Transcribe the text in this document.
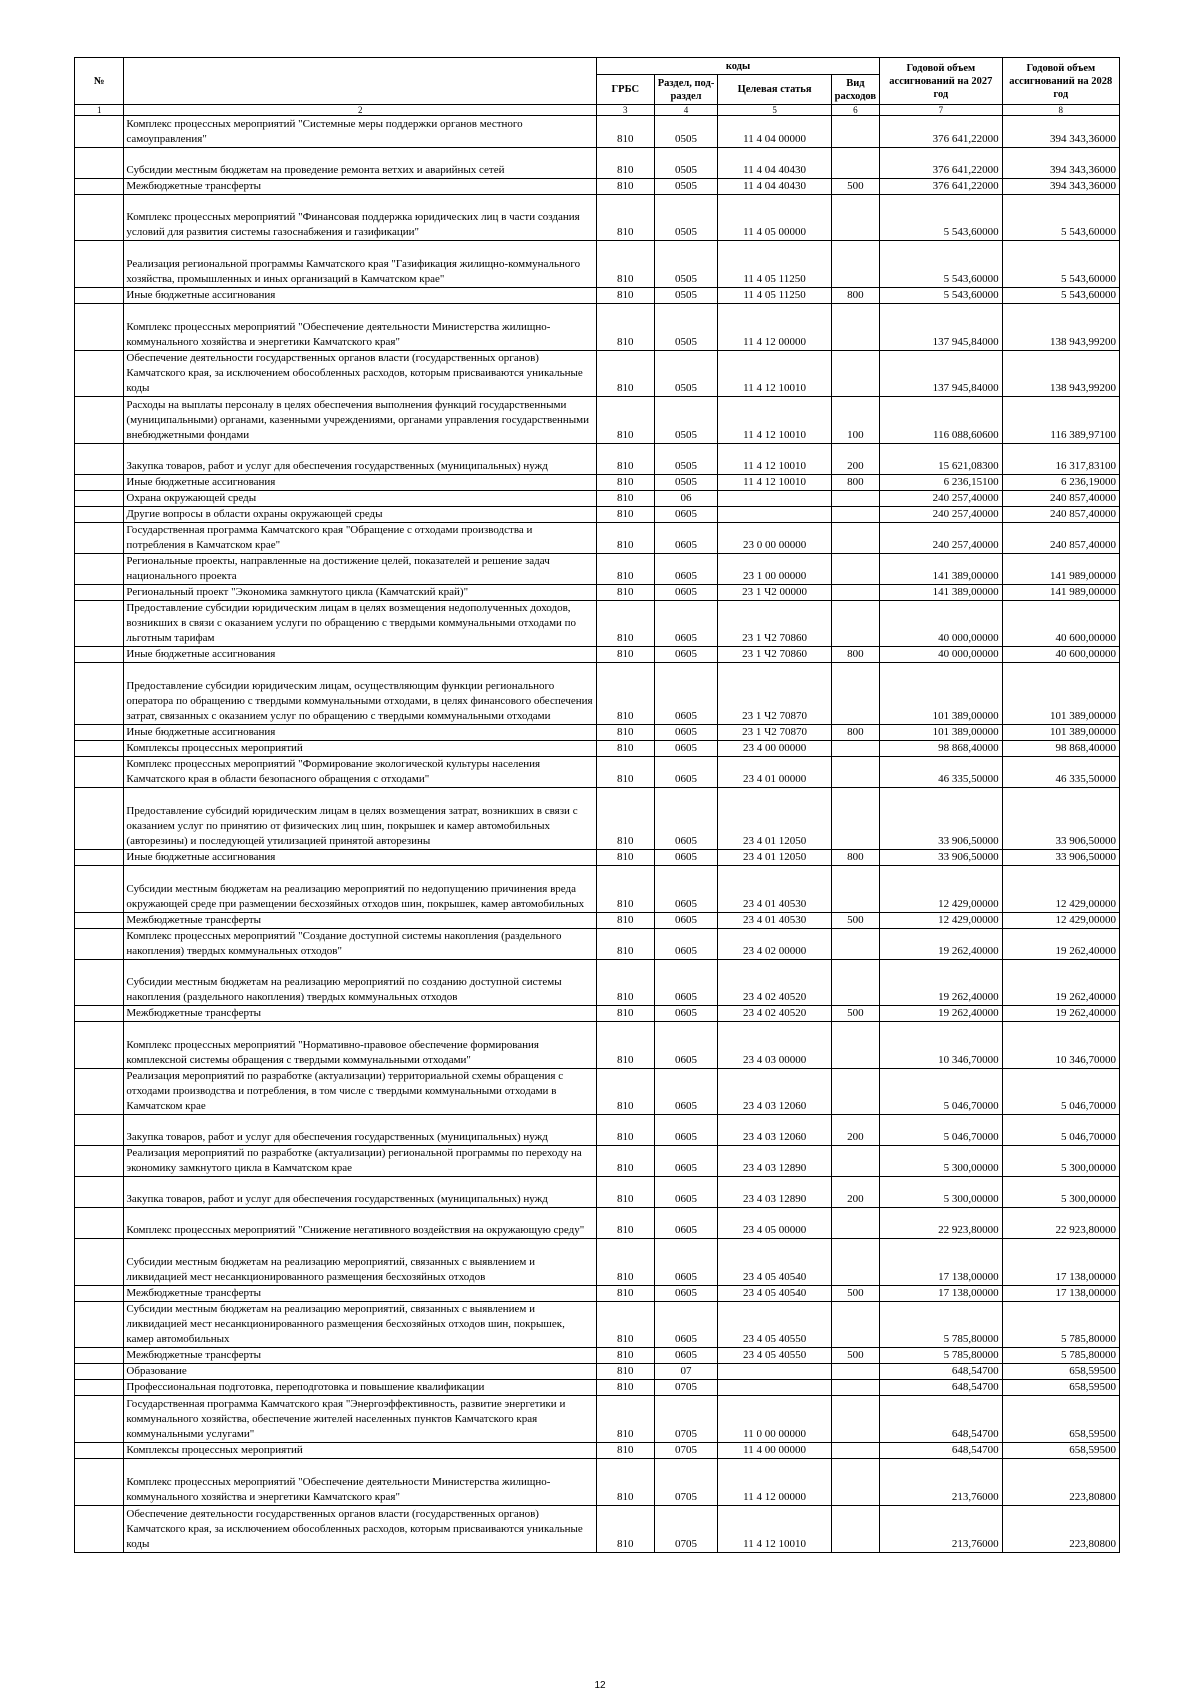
№		коды				Годовой объем ассигнований на 2027 год	Годовой объем ассигнований на 2028 год
		ГРБС	Раздел, под-раздел	Целевая статья	Вид расходов		
1	2	3	4	5	6	7	8
	Комплекс процессных мероприятий "Системные меры поддержки органов местного самоуправления"	810	0505	11 4 04 00000		376 641,22000	394 343,36000
	Субсидии местным бюджетам на проведение ремонта ветхих и аварийных сетей	810	0505	11 4 04 40430		376 641,22000	394 343,36000
	Межбюджетные трансферты	810	0505	11 4 04 40430	500	376 641,22000	394 343,36000
	Комплекс процессных мероприятий "Финансовая поддержка юридических лиц в части создания условий для развития системы газоснабжения и газификации"	810	0505	11 4 05 00000		5 543,60000	5 543,60000
	Реализация региональной программы Камчатского края "Газификация жилищно-коммунального хозяйства, промышленных и иных организаций в Камчатском крае"	810	0505	11 4 05 11250		5 543,60000	5 543,60000
	Иные бюджетные ассигнования	810	0505	11 4 05 11250	800	5 543,60000	5 543,60000
	Комплекс процессных мероприятий "Обеспечение деятельности Министерства жилищно-коммунального хозяйства и энергетики Камчатского края"	810	0505	11 4 12 00000		137 945,84000	138 943,99200
	Обеспечение деятельности государственных органов власти (государственных органов) Камчатского края, за исключением обособленных расходов, которым присваиваются уникальные коды	810	0505	11 4 12 10010		137 945,84000	138 943,99200
	Расходы на выплаты персоналу в целях обеспечения выполнения функций государственными (муниципальными) органами, казенными учреждениями, органами управления государственными внебюджетными фондами	810	0505	11 4 12 10010	100	116 088,60600	116 389,97100
	Закупка товаров, работ и услуг для обеспечения государственных (муниципальных) нужд	810	0505	11 4 12 10010	200	15 621,08300	16 317,83100
	Иные бюджетные ассигнования	810	0505	11 4 12 10010	800	6 236,15100	6 236,19000
	Охрана окружающей среды	810	06			240 257,40000	240 857,40000
	Другие вопросы в области охраны окружающей среды	810	0605			240 257,40000	240 857,40000
	Государственная программа Камчатского края "Обращение с отходами производства и потребления в Камчатском крае"	810	0605	23 0 00 00000		240 257,40000	240 857,40000
	Региональные проекты, направленные на достижение целей, показателей и решение задач национального проекта	810	0605	23 1 00 00000		141 389,00000	141 989,00000
	Региональный проект "Экономика замкнутого цикла (Камчатский край)"	810	0605	23 1 Ч2 00000		141 389,00000	141 989,00000
	Предоставление субсидии юридическим лицам в целях возмещения недополученных доходов, возникших в связи с оказанием услуги по обращению с твердыми коммунальными отходами по льготным тарифам	810	0605	23 1 Ч2 70860		40 000,00000	40 600,00000
	Иные бюджетные ассигнования	810	0605	23 1 Ч2 70860	800	40 000,00000	40 600,00000
	Предоставление субсидии юридическим лицам, осуществляющим функции регионального оператора по обращению с твердыми коммунальными отходами, в целях финансового обеспечения затрат, связанных с оказанием услуг по обращению с твердыми коммунальными отходами	810	0605	23 1 Ч2 70870		101 389,00000	101 389,00000
	Иные бюджетные ассигнования	810	0605	23 1 Ч2 70870	800	101 389,00000	101 389,00000
	Комплексы процессных мероприятий	810	0605	23 4 00 00000		98 868,40000	98 868,40000
	Комплекс процессных мероприятий "Формирование экологической культуры населения Камчатского края в области безопасного обращения с отходами"	810	0605	23 4 01 00000		46 335,50000	46 335,50000
	Предоставление субсидий юридическим лицам в целях возмещения затрат, возникших в связи с оказанием услуг по принятию от физических лиц шин, покрышек и камер автомобильных (авторезины) и последующей утилизацией принятой авторезины	810	0605	23 4 01 12050		33 906,50000	33 906,50000
	Иные бюджетные ассигнования	810	0605	23 4 01 12050	800	33 906,50000	33 906,50000
	Субсидии местным бюджетам на реализацию мероприятий по недопущению причинения вреда окружающей среде при размещении бесхозяйных отходов шин, покрышек, камер автомобильных	810	0605	23 4 01 40530		12 429,00000	12 429,00000
	Межбюджетные трансферты	810	0605	23 4 01 40530	500	12 429,00000	12 429,00000
	Комплекс процессных мероприятий "Создание доступной системы накопления (раздельного накопления) твердых коммунальных отходов"	810	0605	23 4 02 00000		19 262,40000	19 262,40000
	Субсидии местным бюджетам на реализацию мероприятий по созданию доступной системы накопления (раздельного накопления) твердых коммунальных отходов	810	0605	23 4 02 40520		19 262,40000	19 262,40000
	Межбюджетные трансферты	810	0605	23 4 02 40520	500	19 262,40000	19 262,40000
	Комплекс процессных мероприятий "Нормативно-правовое обеспечение формирования комплексной системы обращения с твердыми коммунальными отходами"	810	0605	23 4 03 00000		10 346,70000	10 346,70000
	Реализация мероприятий по разработке (актуализации) территориальной схемы обращения с отходами производства и потребления, в том числе с твердыми коммунальными отходами в Камчатском крае	810	0605	23 4 03 12060		5 046,70000	5 046,70000
	Закупка товаров, работ и услуг для обеспечения государственных (муниципальных) нужд	810	0605	23 4 03 12060	200	5 046,70000	5 046,70000
	Реализация мероприятий по разработке (актуализации) региональной программы по переходу на экономику замкнутого цикла в Камчатском крае	810	0605	23 4 03 12890		5 300,00000	5 300,00000
	Закупка товаров, работ и услуг для обеспечения государственных (муниципальных) нужд	810	0605	23 4 03 12890	200	5 300,00000	5 300,00000
	Комплекс процессных мероприятий "Снижение негативного воздействия на окружающую среду"	810	0605	23 4 05 00000		22 923,80000	22 923,80000
	Субсидии местным бюджетам на реализацию мероприятий, связанных с выявлением и ликвидацией мест несанкционированного размещения бесхозяйных отходов	810	0605	23 4 05 40540		17 138,00000	17 138,00000
	Межбюджетные трансферты	810	0605	23 4 05 40540	500	17 138,00000	17 138,00000
	Субсидии местным бюджетам на реализацию мероприятий, связанных с выявлением и ликвидацией мест несанкционированного размещения бесхозяйных отходов шин, покрышек, камер автомобильных	810	0605	23 4 05 40550		5 785,80000	5 785,80000
	Межбюджетные трансферты	810	0605	23 4 05 40550	500	5 785,80000	5 785,80000
	Образование	810	07			648,54700	658,59500
	Профессиональная подготовка, переподготовка и повышение квалификации	810	0705			648,54700	658,59500
	Государственная программа Камчатского края "Энергоэффективность, развитие энергетики и коммунального хозяйства, обеспечение жителей населенных пунктов Камчатского края коммунальными услугами"	810	0705	11 0 00 00000		648,54700	658,59500
	Комплексы процессных мероприятий	810	0705	11 4 00 00000		648,54700	658,59500
	Комплекс процессных мероприятий "Обеспечение деятельности Министерства жилищно-коммунального хозяйства и энергетики Камчатского края"	810	0705	11 4 12 00000		213,76000	223,80800
	Обеспечение деятельности государственных органов власти (государственных органов) Камчатского края, за исключением обособленных расходов, которым присваиваются уникальные коды	810	0705	11 4 12 10010		213,76000	223,80800
12
